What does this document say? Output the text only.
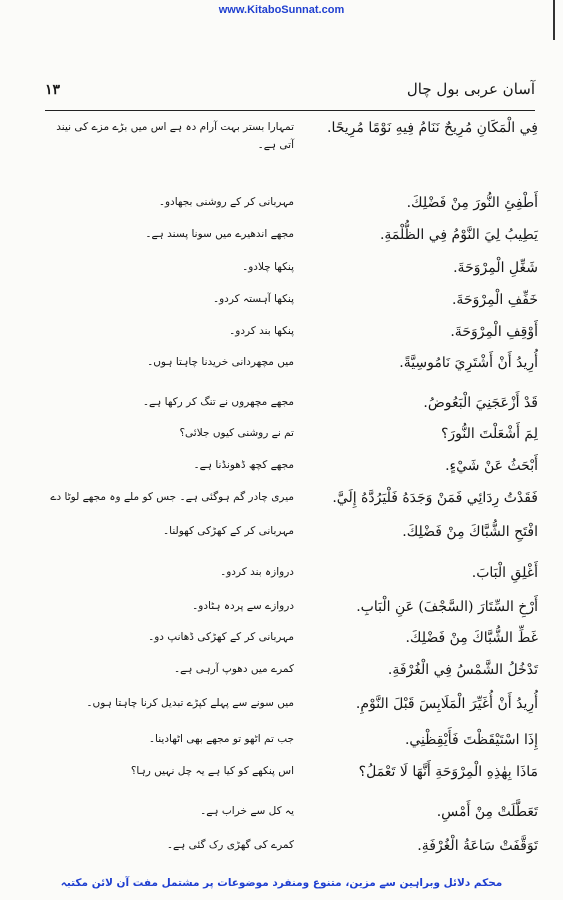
www.KitaboSunnat.com

۱۳	آسان عربی بول چال
فِي الْمَكَانِ مُرِيحٌ نَنَامُ فِيهِ نَوْمًا مُرِيحًا.
تمہارا بستر بہت آرام دہ ہے اس میں بڑے مزے کی نیند آتی ہے۔
أَطْفِئِ النُّورَ مِنْ فَضْلِكَ.
مہربانی کر کے روشنی بجھادو۔
يَطِيبُ لِيَ النَّوْمُ فِي الظُّلْمَةِ.
مجھے اندھیرے میں سونا پسند ہے۔
شَغِّلِ الْمِرْوَحَةَ.
پنکھا چلادو۔
خَفِّفِ الْمِرْوَحَةَ.
پنکھا آہستہ کردو۔
أَوْقِفِ الْمِرْوَحَةَ.
پنکھا بند کردو۔
أُرِيدُ أَنْ أَشْتَرِيَ نَامُوسِيَّةً.
میں مچھردانی خریدنا چاہتا ہوں۔
قَدْ أَزْعَجَنِيَ الْبَعُوضُ.
مجھے مچھروں نے تنگ کر رکھا ہے۔
لِمَ أَشْعَلْتَ النُّورَ؟
تم نے روشنی کیوں جلائی؟
أَبْحَثُ عَنْ شَيْءٍ.
مجھے کچھ ڈھونڈنا ہے۔
فَقَدْتُ رِدَائِي فَمَنْ وَجَدَهُ فَلْيَرُدَّهُ إِلَيَّ.
میری چادر گم ہوگئی ہے۔ جس کو ملے وہ مجھے لوٹا دے
افْتَحِ الشُّبَّاكَ مِنْ فَضْلِكَ.
مہربانی کر کے کھڑکی کھولنا۔
أَغْلِقِ الْبَابَ.
دروازہ بند کردو۔
أَرْخِ السِّتَارَ (السَّجْفَ) عَنِ الْبَابِ.
دروازے سے پردہ ہٹادو۔
غَطِّ الشُّبَّاكَ مِنْ فَضْلِكَ.
مہربانی کر کے کھڑکی ڈھانپ دو۔
تَدْخُلُ الشَّمْسُ فِي الْغُرْفَةِ.
کمرے میں دھوپ آرہی ہے۔
أُرِيدُ أَنْ أُغَيِّرَ الْمَلَابِسَ قَبْلَ النَّوْمِ.
میں سونے سے پہلے کپڑے تبدیل کرنا چاہتا ہوں۔
إِذَا اسْتَيْقَظْتَ فَأَيْقِظْنِي.
جب تم اٹھو تو مجھے بھی اٹھادینا۔
مَاذَا بِهٰذِهِ الْمِرْوَحَةِ أَنَّهَا لَا تَعْمَلُ؟
اس پنکھے کو کیا ہے یہ چل نہیں رہا؟
تَعَطَّلَتْ مِنْ أَمْسِ.
یہ کل سے خراب ہے۔
تَوَقَّفَتْ سَاعَةُ الْغُرْفَةِ.
کمرے کی گھڑی رک گئی ہے۔
محکم دلائل وبراہین سے مزین، متنوع ومنفرد موضوعات پر مشتمل مفت آن لائن مکتبہ
